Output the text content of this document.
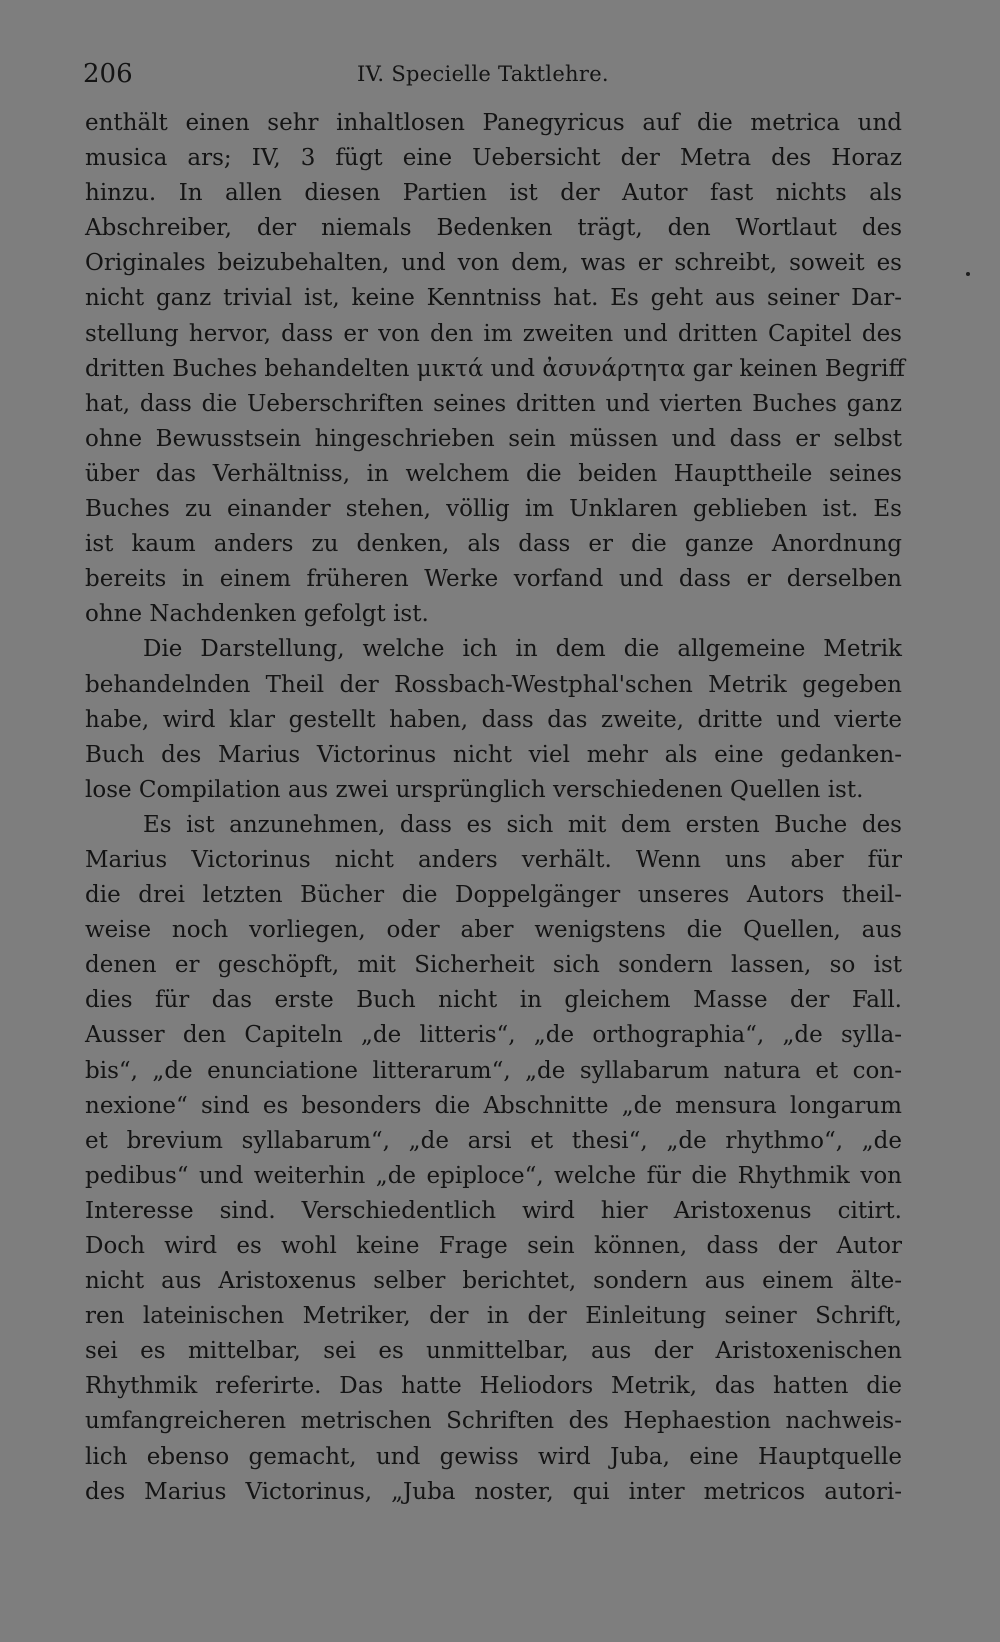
206	IV. Specielle Taktlehre.
enthält einen sehr inhaltlosen Panegyricus auf die metrica und
musica ars; IV, 3 fügt eine Uebersicht der Metra des Horaz
hinzu. In allen diesen Partien ist der Autor fast nichts als
Abschreiber, der niemals Bedenken trägt, den Wortlaut des
Originales beizubehalten, und von dem, was er schreibt, soweit es
nicht ganz trivial ist, keine Kenntniss hat. Es geht aus seiner Dar-
stellung hervor, dass er von den im zweiten und dritten Capitel des
dritten Buches behandelten μικτά und ἀσυνάρτητα gar keinen Begriff
hat, dass die Ueberschriften seines dritten und vierten Buches ganz
ohne Bewusstsein hingeschrieben sein müssen und dass er selbst
über das Verhältniss, in welchem die beiden Haupttheile seines
Buches zu einander stehen, völlig im Unklaren geblieben ist. Es
ist kaum anders zu denken, als dass er die ganze Anordnung
bereits in einem früheren Werke vorfand und dass er derselben
ohne Nachdenken gefolgt ist.
Die Darstellung, welche ich in dem die allgemeine Metrik
behandelnden Theil der Rossbach-Westphal'schen Metrik gegeben
habe, wird klar gestellt haben, dass das zweite, dritte und vierte
Buch des Marius Victorinus nicht viel mehr als eine gedanken-
lose Compilation aus zwei ursprünglich verschiedenen Quellen ist.
Es ist anzunehmen, dass es sich mit dem ersten Buche des
Marius Victorinus nicht anders verhält. Wenn uns aber für
die drei letzten Bücher die Doppelgänger unseres Autors theil-
weise noch vorliegen, oder aber wenigstens die Quellen, aus
denen er geschöpft, mit Sicherheit sich sondern lassen, so ist
dies für das erste Buch nicht in gleichem Masse der Fall.
Ausser den Capiteln „de litteris“, „de orthographia“, „de sylla-
bis“, „de enunciatione litterarum“, „de syllabarum natura et con-
nexione“ sind es besonders die Abschnitte „de mensura longarum
et brevium syllabarum“, „de arsi et thesi“, „de rhythmo“, „de
pedibus“ und weiterhin „de epiploce“, welche für die Rhythmik von
Interesse sind. Verschiedentlich wird hier Aristoxenus citirt.
Doch wird es wohl keine Frage sein können, dass der Autor
nicht aus Aristoxenus selber berichtet, sondern aus einem älte-
ren lateinischen Metriker, der in der Einleitung seiner Schrift,
sei es mittelbar, sei es unmittelbar, aus der Aristoxenischen
Rhythmik referirte. Das hatte Heliodors Metrik, das hatten die
umfangreicheren metrischen Schriften des Hephaestion nachweis-
lich ebenso gemacht, und gewiss wird Juba, eine Hauptquelle
des Marius Victorinus, „Juba noster, qui inter metricos autori-
